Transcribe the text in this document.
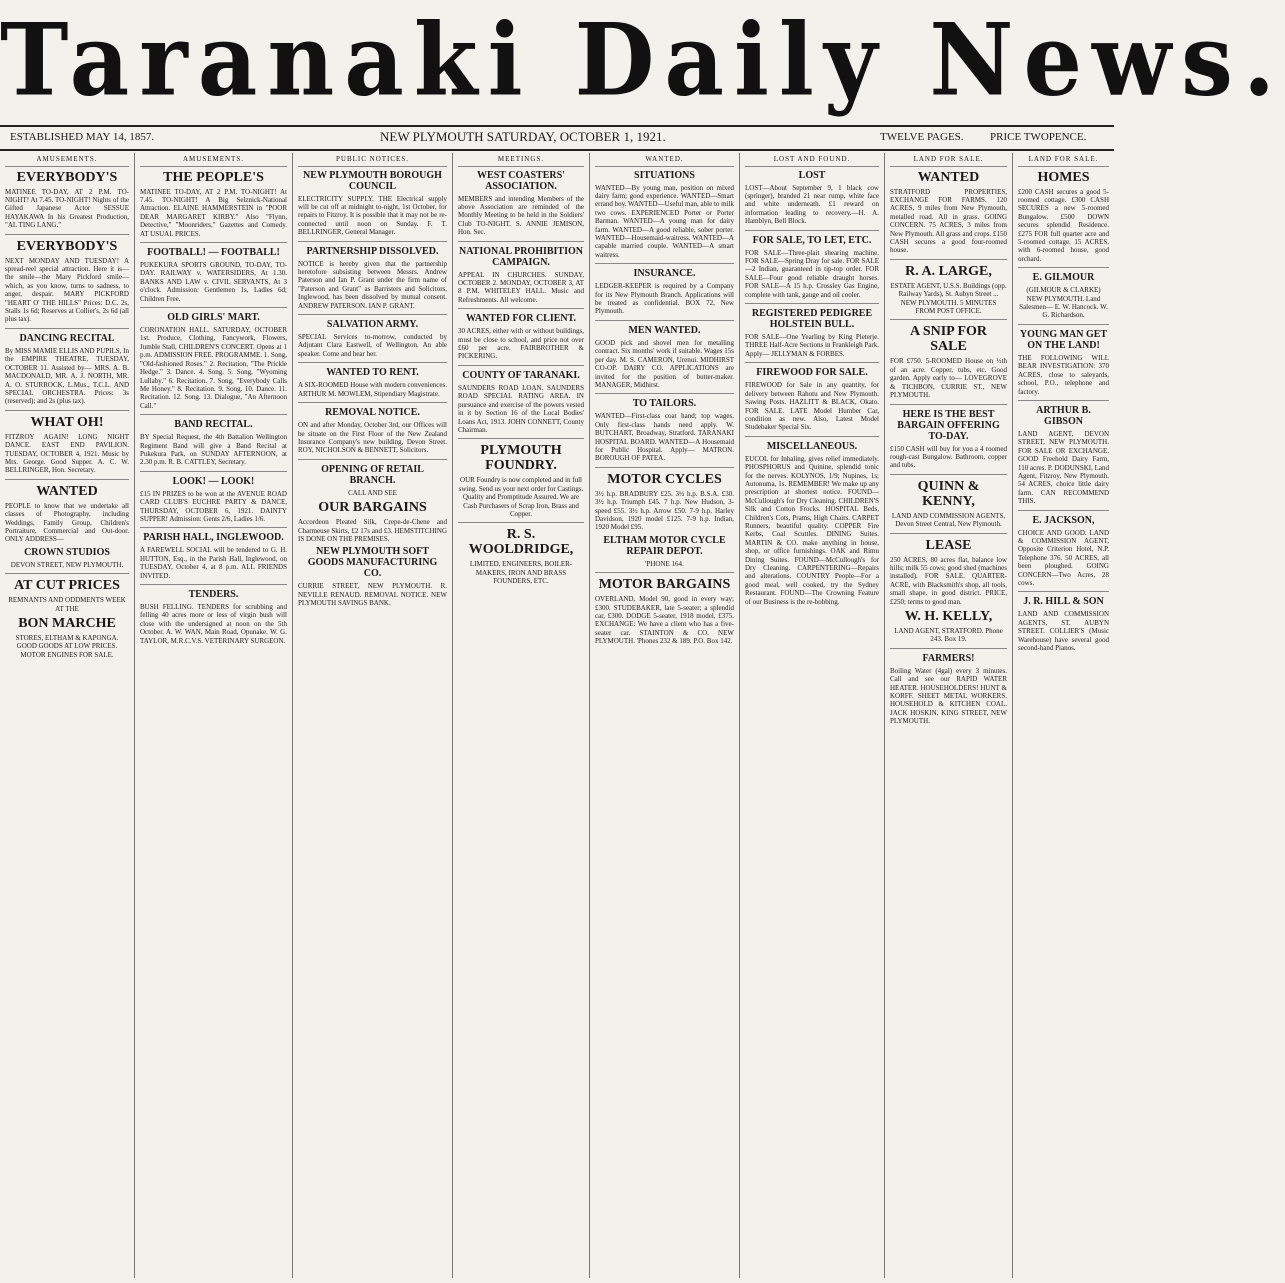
Taranaki Daily News.
ESTABLISHED MAY 14, 1857.	NEW PLYMOUTH SATURDAY, OCTOBER 1, 1921.	TWELVE PAGES. PRICE TWOPENCE.
AMUSEMENTS.
EVERYBODY'S
MATINEE TO-DAY, AT 2 P.M. TO-NIGHT! At 7.45. TO-NIGHT! Nights of the Gifted Japanese Actor SESSUE HAYAKAWA In his Greatest Production, "AL TING LANG."
EVERYBODY'S
NEXT MONDAY AND TUESDAY! A spread-reel special attraction. Here it is—the smile—the Mary Pickford smile—which, as you know, turns to sadness, to anger, despair. MARY PICKFORD "HEART O' THE HILLS" Prices: D.C. 2s, Stalls 1s 6d; Reserves at Collier's, 2s 6d (all plus tax).
DANCING RECITAL
By MISS MAMIE ELLIS AND PUPILS, In the EMPIRE THEATRE, TUESDAY, OCTOBER 11. Assisted by— MRS. A. B. MACDONALD, MR. A. J. NORTH, MR. A. O. STURROCK, L.Mus., T.C.L. AND SPECIAL ORCHESTRA. Prices: 3s (reserved); and 2s (plus tax).
WHAT OH!
FITZROY AGAIN! LONG NIGHT DANCE. EAST END PAVILION. TUESDAY, OCTOBER 4, 1921. Music by Mrs. George. Good Supper. A. C. W. BELLRINGER, Hon. Secretary.
WANTED
PEOPLE to know that we undertake all classes of Photography, including Weddings, Family Group, Children's Portraiture, Commercial and Out-door. ONLY ADDRESS—
CROWN STUDIOS
DEVON STREET, NEW PLYMOUTH.
AT CUT PRICES
REMNANTS AND ODDMENTS WEEK AT THE
BON MARCHE
STORES, ELTHAM & KAPONGA. GOOD GOODS AT LOW PRICES. MOTOR ENGINES FOR SALE.
AMUSEMENTS.
THE PEOPLE'S
MATINEE TO-DAY, AT 2 P.M. TO-NIGHT! At 7.45. TO-NIGHT! A Big Selznick-National Attraction. ELAINE HAMMERSTEIN in "POOR DEAR MARGARET KIRBY." Also "Flynn, Detective," "Moonriders," Gazettes and Comedy. AT USUAL PRICES.
FOOTBALL! — FOOTBALL!
PUKEKURA SPORTS GROUND, TO-DAY, TO-DAY. RAILWAY v. WATERSIDERS, At 1.30. BANKS AND LAW v. CIVIL SERVANTS, At 3 o'clock. Admission: Gentlemen 1s, Ladies 6d; Children Free.
OLD GIRLS' MART.
CORONATION HALL. SATURDAY, OCTOBER 1st. Produce, Clothing, Fancywork, Flowers, Jumble Stall, CHILDREN'S CONCERT. Opens at 1 p.m. ADMISSION FREE. PROGRAMME. 1. Song, "Old-fashioned Roses." 2. Recitation, "The Prickle Hedge." 3. Dance. 4. Song. 5. Song, "Wyoming Lullaby." 6. Recitation. 7. Song, "Everybody Calls Me Honey." 8. Recitation. 9. Song. 10. Dance. 11. Recitation. 12. Song. 13. Dialogue, "An Afternoon Call."
BAND RECITAL.
BY Special Request, the 4th Battalion Wellington Regiment Band will give a Band Recital at Pukekura Park, on SUNDAY AFTERNOON, at 2.30 p.m. R. B. CATTLEY, Secretary.
LOOK! — LOOK!
£15 IN PRIZES to be won at the AVENUE ROAD CARD CLUB'S EUCHRE PARTY & DANCE, THURSDAY, OCTOBER 6, 1921. DAINTY SUPPER! Admission: Gents 2/6, Ladies 1/6.
PARISH HALL, INGLEWOOD.
A FAREWELL SOCIAL will be tendered to G. H. HUTTON, Esq., in the Parish Hall, Inglewood, on TUESDAY, October 4, at 8 p.m. ALL FRIENDS INVITED.
TENDERS.
BUSH FELLING. TENDERS for scrubbing and felling 40 acres more or less of virgin bush will close with the undersigned at noon on the 5th October. A. W. WAN, Main Road, Opunake. W. G. TAYLOR, M.R.C.V.S. VETERINARY SURGEON.
PUBLIC NOTICES.
NEW PLYMOUTH BOROUGH COUNCIL
ELECTRICITY SUPPLY. THE Electrical supply will be cut off at midnight to-night, 1st October, for repairs to Fitzroy. It is possible that it may not be re-connected until noon on Sunday. F. T. BELLRINGER, General Manager.
PARTNERSHIP DISSOLVED.
NOTICE is hereby given that the partnership heretofore subsisting between Messrs. Andrew Paterson and Ian P. Grant under the firm name of "Paterson and Grant" as Barristers and Solicitors, Inglewood, has been dissolved by mutual consent. ANDREW PATERSON. IAN P. GRANT.
SALVATION ARMY.
SPECIAL Services to-morrow, conducted by Adjutant Clara Eastwell, of Wellington. An able speaker. Come and hear her.
WANTED TO RENT.
A SIX-ROOMED House with modern conveniences. ARTHUR M. MOWLEM, Stipendiary Magistrate.
REMOVAL NOTICE.
ON and after Monday, October 3rd, our Offices will be situate on the First Floor of the New Zealand Insurance Company's new building, Devon Street. ROY, NICHOLSON & BENNETT, Solicitors.
OPENING OF RETAIL BRANCH.
CALL AND SEE
OUR BARGAINS
Accordeon Pleated Silk, Crepe-de-Chene and Charmeuse Skirts, £2 17s and £3. HEMSTITCHING IS DONE ON THE PREMISES.
NEW PLYMOUTH SOFT GOODS MANUFACTURING CO.
CURRIE STREET, NEW PLYMOUTH. R. NEVILLE RENAUD. REMOVAL NOTICE. NEW PLYMOUTH SAVINGS BANK.
MEETINGS.
WEST COASTERS' ASSOCIATION.
MEMBERS and intending Members of the above Association are reminded of the Monthly Meeting to be held in the Soldiers' Club TO-NIGHT. S. ANNIE JEMISON, Hon. Sec.
NATIONAL PROHIBITION CAMPAIGN.
APPEAL IN CHURCHES. SUNDAY, OCTOBER 2. MONDAY, OCTOBER 3, AT 8 P.M. WHITELEY HALL. Music and Refreshments. All welcome.
WANTED FOR CLIENT.
30 ACRES, either with or without buildings, must be close to school, and price not over £60 per acre. FAIRBROTHER & PICKERING.
COUNTY OF TARANAKI.
SAUNDERS ROAD LOAN. SAUNDERS ROAD SPECIAL RATING AREA. IN pursuance and exercise of the powers vested in it by Section 16 of the Local Bodies' Loans Act, 1913. JOHN CONNETT, County Chairman.
PLYMOUTH FOUNDRY.
OUR Foundry is now completed and in full swing. Send us your next order for Castings. Quality and Promptitude Assured. We are Cash Purchasers of Scrap Iron, Brass and Copper.
R. S. WOOLDRIDGE,
LIMITED, ENGINEERS, BOILER-MAKERS, IRON AND BRASS FOUNDERS, ETC.
WANTED.
SITUATIONS
WANTED—By young man, position on mixed dairy farm; good experience. WANTED—Smart errand boy. WANTED—Useful man, able to milk two cows. EXPERIENCED Porter or Porter Barman. WANTED—A young man for dairy farm. WANTED—A good reliable, sober porter. WANTED—Housemaid-waitress. WANTED—A capable married couple. WANTED—A smart waitress.
INSURANCE.
LEDGER-KEEPER is required by a Company for its New Plymouth Branch. Applications will be treated as confidential. BOX 72, New Plymouth.
MEN WANTED.
GOOD pick and shovel men for metalling contract. Six months' work if suitable. Wages 15s per day. M. S. CAMERON, Urenui. MIDHIRST CO-OP. DAIRY CO. APPLICATIONS are invited for the position of butter-maker. MANAGER, Midhirst.
TO TAILORS.
WANTED—First-class coat hand; top wages. Only first-class hands need apply. W. BUTCHART, Broadway, Stratford. TARANAKI HOSPITAL BOARD. WANTED—A Housemaid for Public Hospital. Apply— MATRON. BOROUGH OF PATEA.
MOTOR CYCLES
3½ h.p. BRADBURY £25. 3½ h.p. B.S.A. £30. 3½ h.p. Triumph £45. 7 h.p. New Hudson, 3-speed £55. 3½ h.p. Arrow £50. 7-9 h.p. Harley Davidson, 1920 model £125. 7-9 h.p. Indian, 1920 Model £95.
ELTHAM MOTOR CYCLE REPAIR DEPOT.
'PHONE 164.
MOTOR BARGAINS
OVERLAND, Model 90, good in every way; £300. STUDEBAKER, late 5-seater; a splendid car, £300. DODGE 5-seater, 1918 model, £375. EXCHANGE: We have a client who has a five-seater car. STAINTON & CO. NEW PLYMOUTH. 'Phones 232 & 189. P.O. Box 142.
LOST AND FOUND.
LOST
LOST—About September 9, 1 black cow (springer), branded 21 near rump, white face and white underneath. £1 reward on information leading to recovery.—H. A. Hamblyn, Bell Block.
FOR SALE, TO LET, ETC.
FOR SALE—Three-plait shearing machine. FOR SALE—Spring Dray for sale. FOR SALE—2 Indian, guaranteed in tip-top order. FOR SALE—Four good reliable draught horses. FOR SALE—A 15 h.p. Crossley Gas Engine, complete with tank, gauge and oil cooler.
REGISTERED PEDIGREE HOLSTEIN BULL.
FOR SALE—One Yearling by King Pieterje. THREE Half-Acre Sections in Frankleigh Park. Apply— JELLYMAN & FORBES.
FIREWOOD FOR SALE.
FIREWOOD for Sale in any quantity, for delivery between Rahotu and New Plymouth. Sawing Posts. HAZLITT & BLACK, Okato. FOR SALE. LATE Model Humber Car, condition as new. Also, Latest Model Studebaker Special Six.
MISCELLANEOUS.
EUCOL for Inhaling, gives relief immediately. PHOSPHORUS and Quinine, splendid tonic for the nerves. KOLYNOS, 1/9; Nupines, 1s; Autonuma, 1s. REMEMBER! We make up any prescription at shortest notice. FOUND—McCullough's for Dry Cleaning. CHILDREN'S Silk and Cotton Frocks. HOSPITAL Beds, Children's Cots, Prams, High Chairs. CARPET Runners, beautiful quality. COPPER Fire Kerbs, Coal Scuttles. DINING Suites. MARTIN & CO. make anything in house, shop, or office furnishings. OAK and Rimu Dining Suites. FOUND—McCullough's for Dry Cleaning. CARPENTERING—Repairs and alterations. COUNTRY People—For a good meal, well cooked, try the Sydney Restaurant. FOUND—The Crowning Feature of our Business is the re-bobbing.
LAND FOR SALE.
WANTED
STRATFORD PROPERTIES, EXCHANGE FOR FARMS. 120 ACRES, 9 miles from New Plymouth, metalled road. All in grass. GOING CONCERN. 75 ACRES, 3 miles from New Plymouth. All grass and crops. £150 CASH secures a good four-roomed house.
R. A. LARGE,
ESTATE AGENT, U.S.S. Buildings (opp. Railway Yards), St. Aubyn Street ... NEW PLYMOUTH. 5 MINUTES FROM POST OFFICE.
A SNIP FOR SALE
FOR £750. 5-ROOMED House on ½th of an acre. Copper, tubs, etc. Good garden. Apply early to— LOVEGROVE & TICHBON, CURRIE ST., NEW PLYMOUTH.
HERE IS THE BEST BARGAIN OFFERING TO-DAY.
£150 CASH will buy for you a 4 roomed rough-cast Bungalow. Bathroom, copper and tubs.
QUINN & KENNY,
LAND AND COMMISSION AGENTS, Devon Street Central, New Plymouth.
LEASE
250 ACRES, 80 acres flat, balance low hills; milk 55 cows; good shed (machines installed). FOR SALE. QUARTER-ACRE, with Blacksmith's shop, all tools, small shape, in good district. PRICE, £250; terms to good man.
W. H. KELLY,
LAND AGENT, STRATFORD. Phone 243. Box 19.
FARMERS!
Boiling Water (4gal) every 3 minutes. Call and see our RAPID WATER HEATER. HOUSEHOLDERS! HUNT & KORFF. SHEET METAL WORKERS. HOUSEHOLD & KITCHEN COAL. JACK HOSKIN, KING STREET, NEW PLYMOUTH.
LAND FOR SALE.
HOMES
£200 CASH secures a good 5-roomed cottage. £300 CASH SECURES a new 5-roomed Bungalow. £500 DOWN secures splendid Residence. £275 FOR full quarter acre and 5-roomed cottage. 15 ACRES, with 6-roomed house, good orchard.
E. GILMOUR
(GILMOUR & CLARKE) NEW PLYMOUTH. Land Salesmen— E. W. Hancock. W. G. Richardson.
YOUNG MAN GET ON THE LAND!
THE FOLLOWING WILL BEAR INVESTIGATION: 370 ACRES, close to saleyards, school, P.O., telephone and factory.
ARTHUR B. GIBSON
LAND AGENT, DEVON STREET, NEW PLYMOUTH. FOR SALE OR EXCHANGE. GOOD Freehold Dairy Farm, 110 acres. P. DODUNSKI, Land Agent, Fitzroy, New Plymouth. 54 ACRES, choice little dairy farm. CAN RECOMMEND THIS.
E. JACKSON,
CHOICE AND GOOD. LAND & COMMISSION AGENT, Opposite Criterion Hotel, N.P. Telephone 376. 50 ACRES, all been ploughed. GOING CONCERN—Two Acres, 28 cows.
J. R. HILL & SON
LAND AND COMMISSION AGENTS, ST. AUBYN STREET. COLLIER'S (Music Warehouse) have several good second-hand Pianos.
